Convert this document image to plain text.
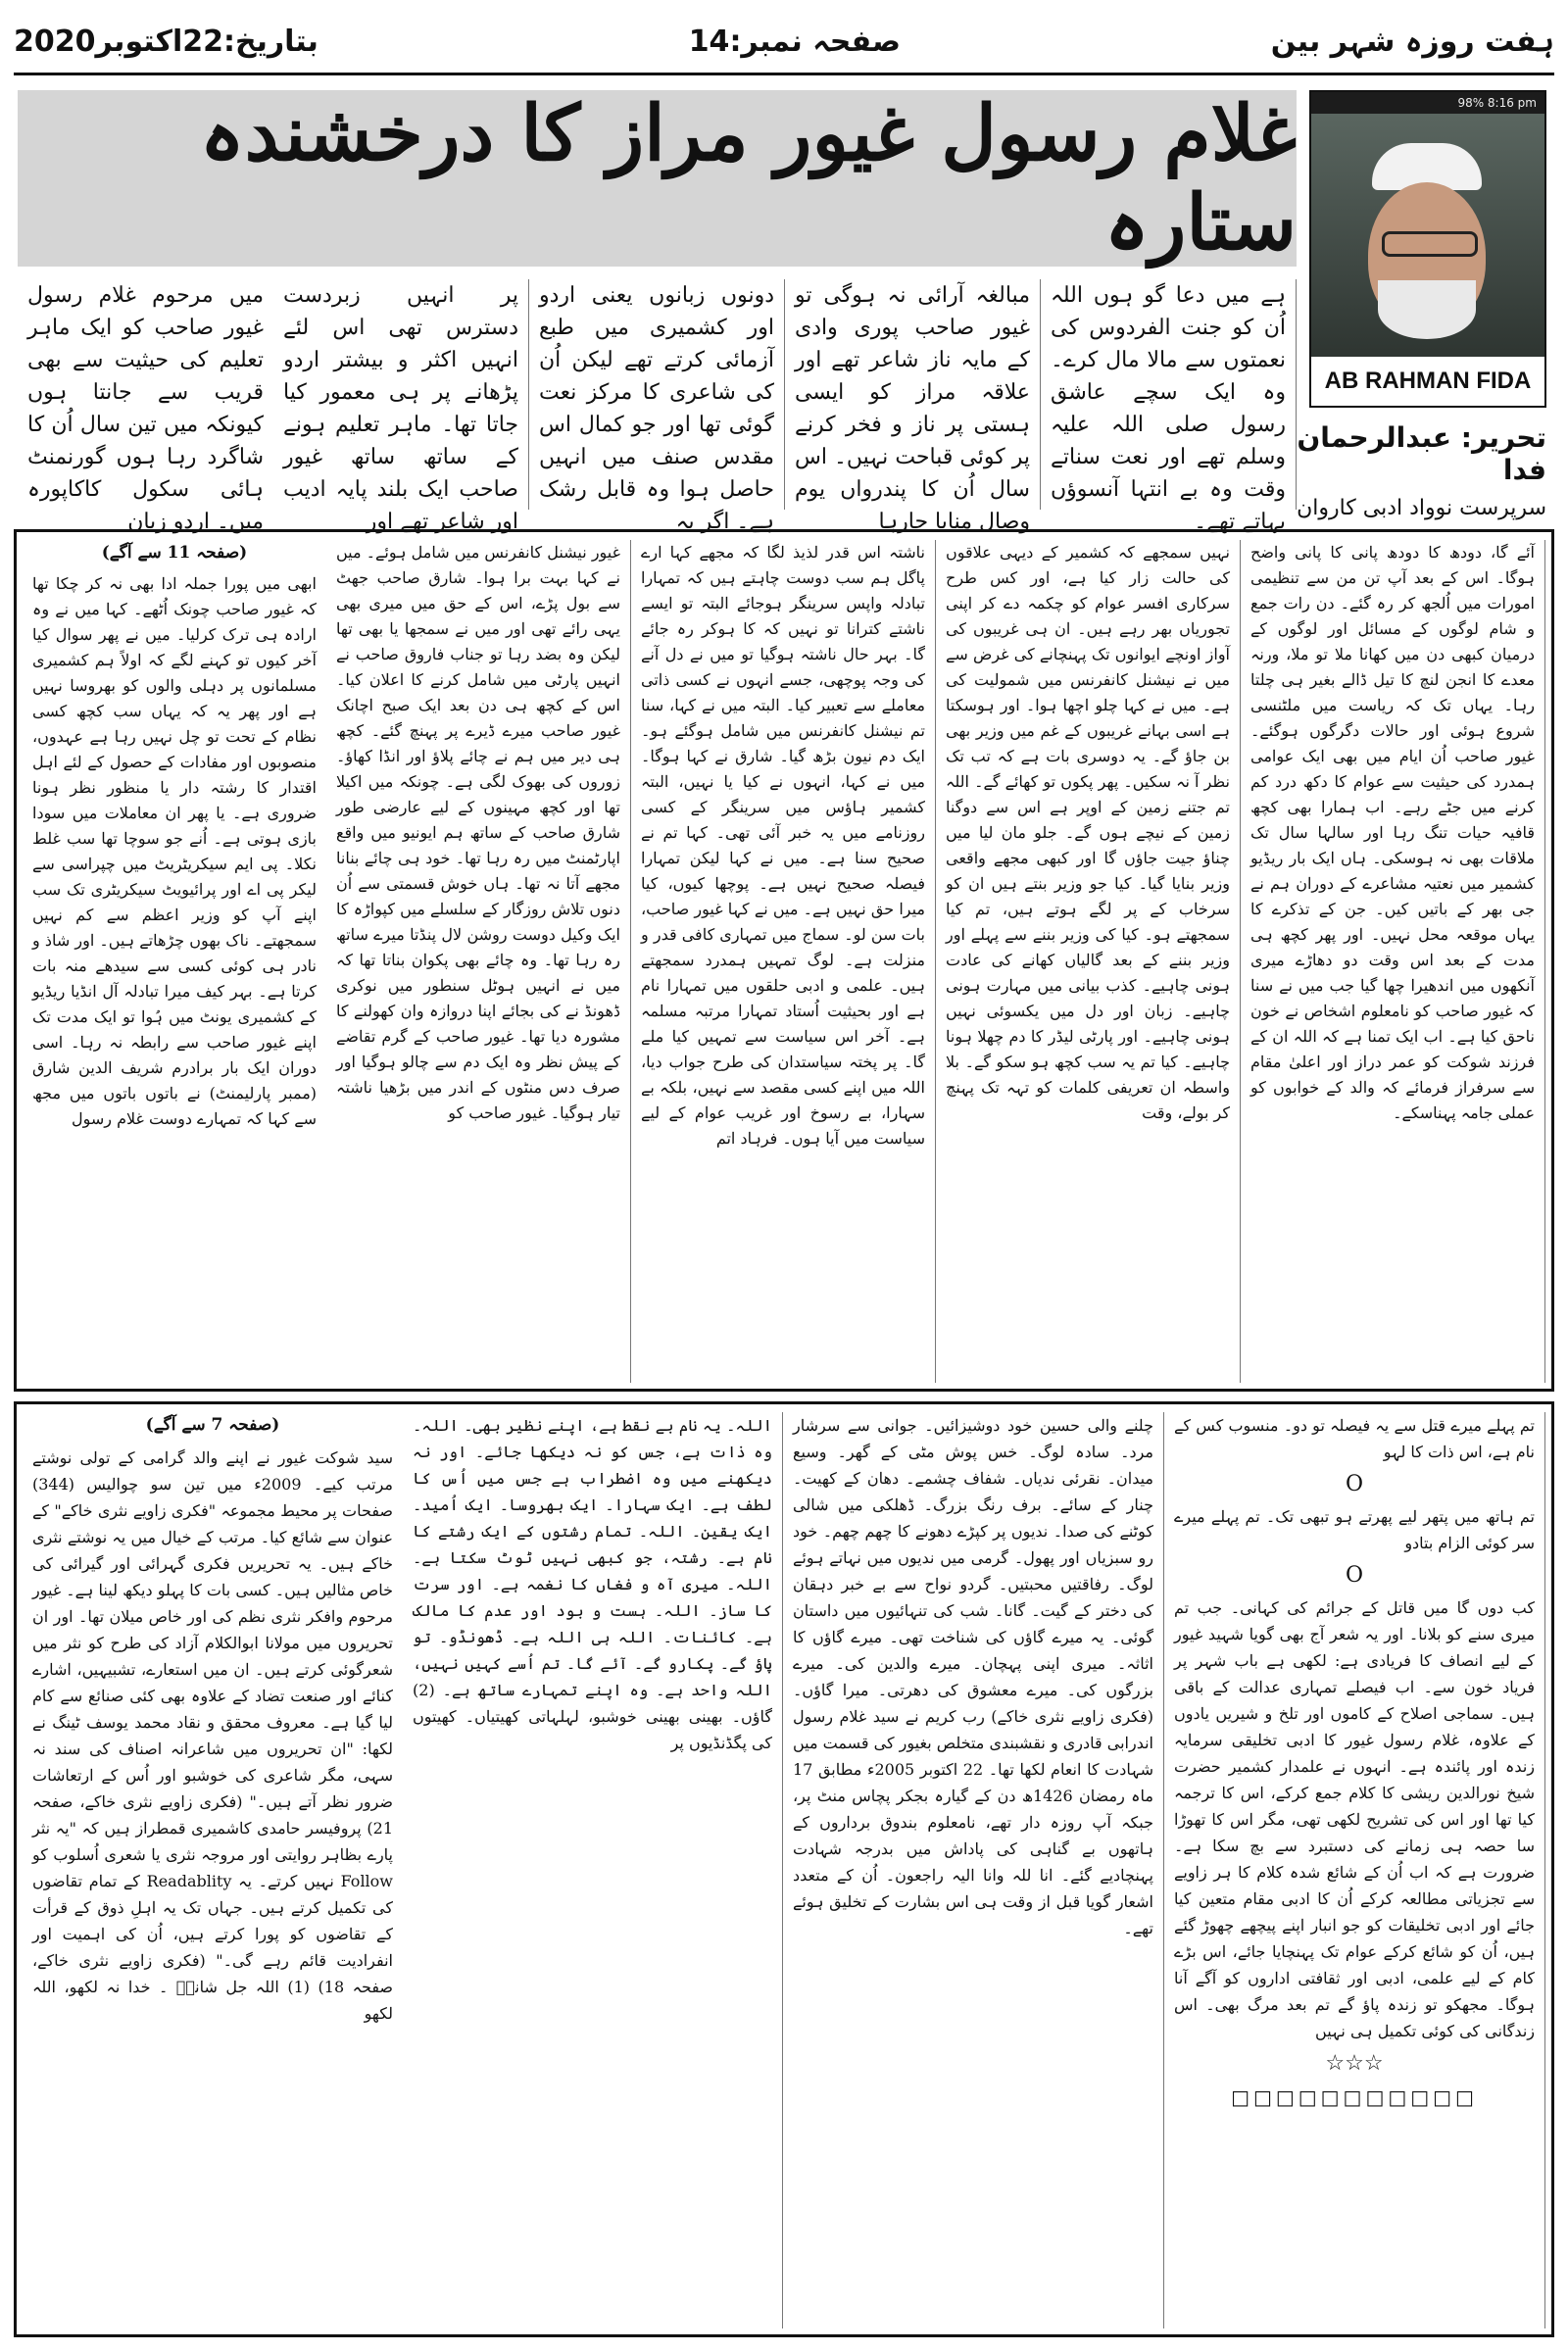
ہفت روزہ شہر بین
صفحہ نمبر:14
بتاریخ:22اکتوبر2020
غلام رسول غیور مراز کا درخشندہ ستارہ
98% 8:16 pm
AB RAHMAN FIDA
تحریر: عبدالرحمان فدا
سرپرست نوواد ادبی کاروان

میں مرحوم غلام رسول غیور صاحب کو ایک ماہر تعلیم کی حیثیت سے بھی قریب سے جانتا ہوں کیونکہ میں تین سال اُن کا شاگرد رہا ہوں گورنمنٹ ہائی سکول کاکاپورہ میں۔ اردو زبان

پر انہیں زبردست دسترس تھی اس لئے انہیں اکثر و بیشتر اردو پڑھانے پر ہی معمور کیا جاتا تھا۔ ماہر تعلیم ہونے کے ساتھ ساتھ غیور صاحب ایک بلند پایہ ادیب اور شاعر تھے اور

دونوں زبانوں یعنی اردو اور کشمیری میں طبع آزمائی کرتے تھے لیکن اُن کی شاعری کا مرکز نعت گوئی تھا اور جو کمال اس مقدس صنف میں انہیں حاصل ہوا وہ قابل رشک ہے۔ اگر یہ

مبالغہ آرائی نہ ہوگی تو غیور صاحب پوری وادی کے مایہ ناز شاعر تھے اور علاقہ مراز کو ایسی ہستی پر ناز و فخر کرنے پر کوئی قباحت نہیں۔ اس سال اُن کا پندرواں یوم وصال منایا جارہا

ہے میں دعا گو ہوں اللہ اُن کو جنت الفردوس کی نعمتوں سے مالا مال کرے۔ وہ ایک سچے عاشق رسول صلی اللہ علیہ وسلم تھے اور نعت سناتے وقت وہ بے انتہا آنسوؤں بہاتے تھے۔

(صفحہ 11 سے آگے)

ابھی میں پورا جملہ ادا بھی نہ کر چکا تھا کہ غیور صاحب چونک اُٹھے۔ کہا میں نے وہ ارادہ ہی ترک کرلیا۔ میں نے پھر سوال کیا آخر کیوں تو کہنے لگے کہ اولاً ہم کشمیری مسلمانوں پر دہلی والوں کو بھروسا نہیں ہے اور پھر یہ کہ یہاں سب کچھ کسی نظام کے تحت تو چل نہیں رہا ہے عہدوں، منصوبوں اور مفادات کے حصول کے لئے اہل اقتدار کا رشتہ دار یا منظور نظر ہونا ضروری ہے۔ یا پھر ان معاملات میں سودا بازی ہوتی ہے۔ اُنے جو سوچا تھا سب غلط نکلا۔ پی ایم سیکریٹریٹ میں چپراسی سے لیکر پی اے اور پرائیویٹ سیکریٹری تک سب اپنے آپ کو وزیر اعظم سے کم نہیں سمجھتے۔ ناک بھوں چڑھاتے ہیں۔ اور شاذ و نادر ہی کوئی کسی سے سیدھے منہ بات کرتا ہے۔ بہر کیف میرا تبادلہ آل انڈیا ریڈیو کے کشمیری یونٹ میں ہُوا تو ایک مدت تک اپنے غیور صاحب سے رابطہ نہ رہا۔ اسی دوران ایک بار برادرم شریف الدین شارق (ممبر پارلیمنٹ) نے باتوں باتوں میں مجھ سے کہا کہ تمہارے دوست غلام رسول

غیور نیشنل کانفرنس میں شامل ہوئے۔ میں نے کہا بہت برا ہوا۔ شارق صاحب جھٹ سے بول پڑے، اس کے حق میں میری بھی یہی رائے تھی اور میں نے سمجھا یا بھی تھا لیکن وہ بضد رہا تو جناب فاروق صاحب نے انہیں پارٹی میں شامل کرنے کا اعلان کیا۔ اس کے کچھ ہی دن بعد ایک صبح اچانک غیور صاحب میرے ڈیرے پر پہنچ گئے۔ کچھ ہی دیر میں ہم نے چائے پلاؤ اور انڈا کھاؤ۔ زوروں کی بھوک لگی ہے۔ چونکہ میں اکیلا تھا اور کچھ مہینوں کے لیے عارضی طور شارق صاحب کے ساتھ ہم ایونیو میں واقع اپارٹمنٹ میں رہ رہا تھا۔ خود ہی چائے بنانا مجھے آتا نہ تھا۔ ہاں خوش قسمتی سے اُن دنوں تلاش روزگار کے سلسلے میں کپواڑہ کا ایک وکیل دوست روشن لال پنڈتا میرے ساتھ رہ رہا تھا۔ وہ چائے بھی پکوان بناتا تھا کہ میں نے انہیں ہوٹل سنطور میں نوکری ڈھونڈ نے کی بجائے اپنا دروازہ وان کھولنے کا مشورہ دیا تھا۔ غیور صاحب کے گرم تقاضے کے پیش نظر وہ ایک دم سے چالو ہوگیا اور صرف دس منٹوں کے اندر میں بڑھیا ناشتہ تیار ہوگیا۔ غیور صاحب کو

ناشتہ اس قدر لذیذ لگا کہ مجھے کہا ارے پاگل ہم سب دوست چاہتے ہیں کہ تمہارا تبادلہ واپس سرینگر ہوجائے البتہ تو ایسے ناشتے کترانا تو نہیں کہ کا ہوکر رہ جائے گا۔ بہر حال ناشتہ ہوگیا تو میں نے دل آنے کی وجہ پوچھی، جسے انہوں نے کسی ذاتی معاملے سے تعبیر کیا۔ البتہ میں نے کہا، سنا تم نیشنل کانفرنس میں شامل ہوگئے ہو۔ ایک دم نیون بڑھ گیا۔ شارق نے کہا ہوگا۔ میں نے کہا، انہوں نے کیا یا نہیں، البتہ کشمیر ہاؤس میں سرینگر کے کسی روزنامے میں یہ خبر آئی تھی۔ کہا تم نے صحیح سنا ہے۔ میں نے کہا لیکن تمہارا فیصلہ صحیح نہیں ہے۔ پوچھا کیوں، کیا میرا حق نہیں ہے۔ میں نے کہا غیور صاحب، بات سن لو۔ سماج میں تمہاری کافی قدر و منزلت ہے۔ لوگ تمہیں ہمدرد سمجھتے ہیں۔ علمی و ادبی حلقوں میں تمہارا نام ہے اور بحیثیت اُستاد تمہارا مرتبہ مسلمہ ہے۔ آخر اس سیاست سے تمہیں کیا ملے گا۔ پر پختہ سیاستدان کی طرح جواب دیا، اللہ میں اپنے کسی مقصد سے نہیں، بلکہ بے سہارا، بے رسوخ اور غریب عوام کے لیے سیاست میں آیا ہوں۔ فرہاد اتم

نہیں سمجھے کہ کشمیر کے دیہی علاقوں کی حالت زار کیا ہے، اور کس طرح سرکاری افسر عوام کو چکمہ دے کر اپنی تجوریاں بھر رہے ہیں۔ ان ہی غریبوں کی آواز اونچے ایوانوں تک پہنچانے کی غرض سے میں نے نیشنل کانفرنس میں شمولیت کی ہے۔ میں نے کہا چلو اچھا ہوا۔ اور ہوسکتا ہے اسی بہانے غریبوں کے غم میں وزیر بھی بن جاؤ گے۔ یہ دوسری بات ہے کہ تب تک نظر آ نہ سکیں۔ پھر پکوں تو کھائے گے۔ اللہ تم جتنے زمین کے اوپر ہے اس سے دوگنا زمین کے نیچے ہوں گے۔ جلو مان لیا میں چناؤ جیت جاؤں گا اور کبھی مجھے واقعی وزیر بنایا گیا۔ کیا جو وزیر بنتے ہیں ان کو سرخاب کے پر لگے ہوتے ہیں، تم کیا سمجھتے ہو۔ کیا کی وزیر بننے سے پہلے اور وزیر بننے کے بعد گالیاں کھانے کی عادت ہونی چاہیے۔ کذب بیانی میں مہارت ہونی چاہیے۔ زبان اور دل میں یکسوئی نہیں ہونی چاہیے۔ اور پارٹی لیڈر کا دم چھلا ہونا چاہیے۔ کیا تم یہ سب کچھ ہو سکو گے۔ بلا واسطہ ان تعریفی کلمات کو تہہ تک پہنچ کر بولے، وقت

آئے گا، دودھ کا دودھ پانی کا پانی واضح ہوگا۔ اس کے بعد آپ تن من سے تنظیمی امورات میں اُلجھ کر رہ گئے۔ دن رات جمع و شام لوگوں کے مسائل اور لوگوں کے درمیان کبھی دن میں کھانا ملا تو ملا، ورنہ معدے کا انجن لنچ کا تیل ڈالے بغیر ہی چلتا رہا۔ یہاں تک کہ ریاست میں ملٹنسی شروع ہوئی اور حالات دگرگوں ہوگئے۔ غیور صاحب اُن ایام میں بھی ایک عوامی ہمدرد کی حیثیت سے عوام کا دکھ درد کم کرنے میں جٹے رہے۔ اب ہمارا بھی کچھ قافیہ حیات تنگ رہا اور سالہا سال تک ملاقات بھی نہ ہوسکی۔ ہاں ایک بار ریڈیو کشمیر میں نعتیہ مشاعرے کے دوران ہم نے جی بھر کے باتیں کیں۔ جن کے تذکرے کا یہاں موقعہ محل نہیں۔ اور پھر کچھ ہی مدت کے بعد اس وقت دو دھاڑے میری آنکھوں میں اندھیرا چھا گیا جب میں نے سنا کہ غیور صاحب کو نامعلوم اشخاص نے خون ناحق کیا ہے۔ اب ایک تمنا ہے کہ اللہ ان کے فرزند شوکت کو عمر دراز اور اعلیٰ مقام سے سرفراز فرمائے کہ والد کے خوابوں کو عملی جامہ پہناسکے۔

(صفحہ 7 سے آگے)

سید شوکت غیور نے اپنے والد گرامی کے تولی نوشتے مرتب کیے۔ 2009ء میں تین سو چوالیس (344) صفحات پر محیط مجموعہ "فکری زاویے نثری خاکے" کے عنوان سے شائع کیا۔ مرتب کے خیال میں یہ نوشتے نثری خاکے ہیں۔ یہ تحریریں فکری گہرائی اور گیرائی کی خاص مثالیں ہیں۔ کسی بات کا پہلو دیکھ لینا ہے۔ غیور مرحوم وافکر نثری نظم کی اور خاص میلان تھا۔ اور ان تحریروں میں مولانا ابوالکلام آزاد کی طرح کو نثر میں شعرگوئی کرتے ہیں۔ ان میں استعارے، تشبیہیں، اشارے کنائے اور صنعت تضاد کے علاوہ بھی کئی صنائع سے کام لیا گیا ہے۔ معروف محقق و نقاد محمد یوسف ٹینگ نے لکھا: "ان تحریروں میں شاعرانہ اصناف کی سند نہ سہی، مگر شاعری کی خوشبو اور اُس کے ارتعاشات ضرور نظر آتے ہیں۔" (فکری زاویے نثری خاکے، صفحہ 21) پروفیسر حامدی کاشمیری قمطراز ہیں کہ "یہ نثر پارے بظاہر روایتی اور مروجہ نثری یا شعری اُسلوب کو Follow نہیں کرتے۔ یہ Readablity کے تمام تقاضوں کی تکمیل کرتے ہیں۔ جہاں تک یہ اہلِ ذوق کے قرأت کے تقاضوں کو پورا کرتے ہیں، اُن کی اہمیت اور انفرادیت قائم رہے گی۔" (فکری زاویے نثری خاکے، صفحہ 18) (1) اللہ جل شانہٗ ۔ خدا نہ لکھو، اللہ لکھو

اللہ۔ یہ نام بے نقط ہے، اپنے نظیر بھی۔ اللہ۔ وہ ذات ہے، جس کو نہ دیکھا جائے۔ اور نہ دیکھنے میں وہ اضطراب ہے جس میں اُس کا لطف ہے۔ ایک سہارا۔ ایک بھروسا۔ ایک اُمید۔ ایک یقین۔ اللہ۔ تمام رشتوں کے ایک رشتے کا نام ہے۔ رشتہ، جو کبھی نہیں ٹوٹ سکتا ہے۔ اللہ۔ میری آہ و فغاں کا نغمہ ہے۔ اور سرت کا ساز۔ اللہ۔ ہست و بود اور عدم کا مالک ہے۔ کائنات۔ اللہ ہی اللہ ہے۔ ڈھونڈو۔ تو پاؤ گے۔ پکارو گے۔ آئے گا۔ تم اُسے کہیں نہیں، اللہ واحد ہے۔ وہ اپنے تمہارے ساتھ ہے۔ (2) گاؤں۔ بھینی بھینی خوشبو، لہلہاتی کھیتیاں۔ کھیتوں کی پگڈنڈیوں پر

چلنے والی حسین خود دوشیزائیں۔ جوانی سے سرشار مرد۔ سادہ لوگ۔ خس پوش مٹی کے گھر۔ وسیع میدان۔ نقرئی ندیاں۔ شفاف چشمے۔ دھان کے کھیت۔ چنار کے سائے۔ برف رنگ بزرگ۔ ڈھلکی میں شالی کوٹنے کی صدا۔ ندیوں پر کپڑے دھونے کا چھم چھم۔ خود رو سبزیاں اور پھول۔ گرمی میں ندیوں میں نہاتے ہوئے لوگ۔ رفاقتیں محبتیں۔ گردو نواح سے بے خبر دہقان کی دختر کے گیت۔ گانا۔ شب کی تنہائیوں میں داستان گوئی۔ یہ میرے گاؤں کی شناخت تھی۔ میرے گاؤں کا اثاثہ۔ میری اپنی پہچان۔ میرے والدین کی۔ میرے بزرگوں کی۔ میرے معشوق کی دھرتی۔ میرا گاؤں۔ (فکری زاویے نثری خاکے) رب کریم نے سید غلام رسول اندرابی قادری و نقشبندی متخلص بغیور کی قسمت میں شہادت کا انعام لکھا تھا۔ 22 اکتوبر 2005ء مطابق 17 ماہ رمضان 1426ھ دن کے گیارہ بجکر پچاس منٹ پر، جبکہ آپ روزہ دار تھے، نامعلوم بندوق برداروں کے ہاتھوں بے گناہی کی پاداش میں بدرجہ شہادت پہنچادیے گئے۔ انا للہ وانا الیہ راجعون۔ اُن کے متعدد اشعار گویا قبل از وقت ہی اس بشارت کے تخلیق ہوئے تھے۔

تم پہلے میرے قتل سے یہ فیصلہ تو دو۔ منسوب کس کے نام ہے، اس ذات کا لہو

O

تم ہاتھ میں پتھر لیے پھرتے ہو تبھی تک۔ تم پہلے میرے سر کوئی الزام بتادو

O

کب دوں گا میں قاتل کے جرائم کی کہانی۔ جب تم میری سنے کو بلانا۔ اور یہ شعر آج بھی گویا شہید غیور کے لیے انصاف کا فریادی ہے: لکھی ہے باب شہر پر فریاد خون سے۔ اب فیصلے تمہاری عدالت کے باقی ہیں۔ سماجی اصلاح کے کاموں اور تلخ و شیریں یادوں کے علاوہ، غلام رسول غیور کا ادبی تخلیقی سرمایہ زندہ اور پائندہ ہے۔ انہوں نے علمدار کشمیر حضرت شیخ نورالدین ریشی کا کلام جمع کرکے، اس کا ترجمہ کیا تھا اور اس کی تشریح لکھی تھی، مگر اس کا تھوڑا سا حصہ ہی زمانے کی دستبرد سے بچ سکا ہے۔ ضرورت ہے کہ اب اُن کے شائع شدہ کلام کا ہر زاویے سے تجزیاتی مطالعہ کرکے اُن کا ادبی مقام متعین کیا جائے اور ادبی تخلیقات کو جو انبار اپنے پیچھے چھوڑ گئے ہیں، اُن کو شائع کرکے عوام تک پہنچایا جائے، اس بڑے کام کے لیے علمی، ادبی اور ثقافتی اداروں کو آگے آنا ہوگا۔ مجھکو تو زندہ پاؤ گے تم بعد مرگ بھی۔ اس زندگانی کی کوئی تکمیل ہی نہیں

☆☆☆
□□□□□□□□□□□
